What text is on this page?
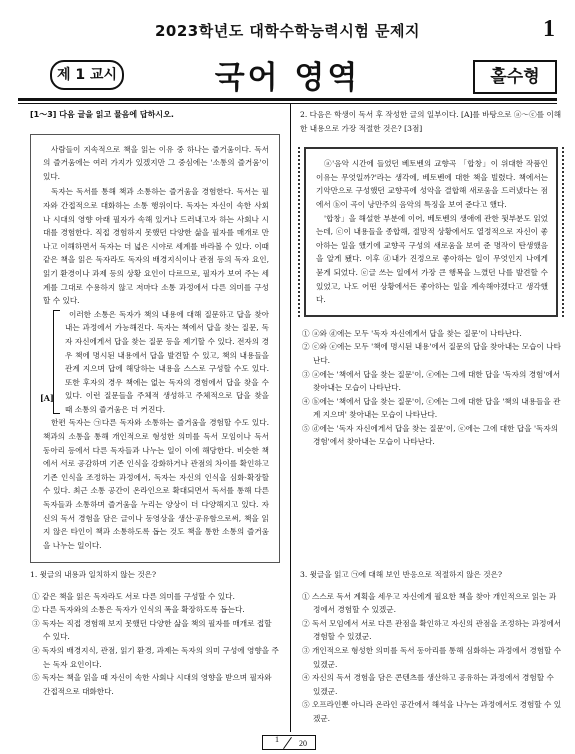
2023학년도 대학수학능력시험 문제지	1
제 1 교시	국어 영역	홀수형
[1～3] 다음 글을 읽고 물음에 답하시오.

사람들이 지속적으로 책을 읽는 이유 중 하나는 즐거움이다. 독서의 즐거움에는 여러 가지가 있겠지만 그 중심에는 '소통의 즐거움'이 있다.

독자는 독서를 통해 책과 소통하는 즐거움을 경험한다. 독서는 필자와 간접적으로 대화하는 소통 행위이다. 독자는 자신이 속한 사회나 시대의 영향 아래 필자가 속해 있거나 드러내고자 하는 사회나 시대를 경험한다. 직접 경험하지 못했던 다양한 삶을 필자를 매개로 만나고 이해하면서 독자는 더 넓은 시야로 세계를 바라볼 수 있다. 이때 같은 책을 읽은 독자라도 독자의 배경지식이나 관점 등의 독자 요인, 읽기 환경이나 과제 등의 상황 요인이 다르므로, 필자가 보여 주는 세계를 그대로 수용하지 않고 저마다 소통 과정에서 다른 의미를 구성할 수 있다.

[A]

이러한 소통은 독자가 책의 내용에 대해 질문하고 답을 찾아내는 과정에서 가능해진다. 독자는 책에서 답을 찾는 질문, 독자 자신에게서 답을 찾는 질문 등을 제기할 수 있다. 전자의 경우 책에 명시된 내용에서 답을 발견할 수 있고, 책의 내용들을 관계 지으며 답에 해당하는 내용을 스스로 구성할 수도 있다. 또한 후자의 경우 책에는 없는 독자의 경험에서 답을 찾을 수 있다. 이런 질문들을 주체적 생성하고 주체적으로 답을 찾을 때 소통의 즐거움은 더 커진다.

한편 독자는 ㉠다른 독자와 소통하는 즐거움을 경험할 수도 있다. 책과의 소통을 통해 개인적으로 형성한 의미를 독서 모임이나 독서 동아리 등에서 다른 독자들과 나누는 일이 이에 해당한다. 비슷한 책에서 서로 공감하며 기존 인식을 강화하거나 관점의 차이를 확인하고 기존 인식을 조정하는 과정에서, 독자는 자신의 인식을 심화·확장할 수 있다. 최근 소통 공간이 온라인으로 확대되면서 독서를 통해 다른 독자들과 소통하며 즐거움을 누리는 양상이 더 다양해지고 있다. 자신의 독서 경험을 담은 글이나 동영상을 생산·공유함으로써, 책을 읽지 않은 타인이 책과 소통하도록 돕는 것도 책을 통한 소통의 즐거움을 나누는 일이다.

1. 윗글의 내용과 일치하지 않는 것은?
① 같은 책을 읽은 독자라도 서로 다른 의미를 구성할 수 있다.
② 다른 독자와의 소통은 독자가 인식의 폭을 확장하도록 돕는다.
③ 독자는 직접 경험해 보지 못했던 다양한 삶을 책의 필자를 매개로 접할 수 있다.
④ 독자의 배경지식, 관점, 읽기 환경, 과제는 독자의 의미 구성에 영향을 주는 독자 요인이다.
⑤ 독자는 책을 읽을 때 자신이 속한 사회나 시대의 영향을 받으며 필자와 간접적으로 대화한다.
2. 다음은 학생이 독서 후 작성한 글의 일부이다. [A]를 바탕으로 ⓐ～ⓒ를 이해한 내용으로 가장 적절한 것은? [3점]

ⓐ'음악 시간에 들었던 베토벤의 교향곡 「합창」이 위대한 작품인 이유는 무엇일까?'라는 생각에, 베토벤에 대한 책을 빌렸다. 책에서는 기악만으로 구성했던 교향곡에 성악을 결합해 새로움을 드러냈다는 점에서 ⓑ이 곡이 낭만주의 음악의 특징을 보여 준다고 했다.

'합창」을 해설한 부분에 이어, 베토벤의 생애에 관한 뒷부분도 읽었는데, ⓒ이 내용들을 종합해, 절망적 상황에서도 열정적으로 자신이 좋아하는 일을 했기에 교향곡 구성의 새로움을 보여 준 명작이 탄생했음을 알게 됐다. 이후 ⓓ내가 진정으로 좋아하는 일이 무엇인지 나에게 묻게 되었다. ⓔ글 쓰는 일에서 가장 큰 행복을 느꼈던 나를 발견할 수 있었고, 나도 어떤 상황에서든 좋아하는 일을 계속해야겠다고 생각했다.

① ⓐ와 ⓓ에는 모두 '독자 자신에게서 답을 찾는 질문'이 나타난다.
② ⓒ와 ⓔ에는 모두 '책에 명시된 내용'에서 질문의 답을 찾아내는 모습이 나타난다.
③ ⓐ에는 '책에서 답을 찾는 질문'이, ⓔ에는 그에 대한 답을 '독자의 경험'에서 찾아내는 모습이 나타난다.
④ ⓑ에는 '책에서 답을 찾는 질문'이, ⓒ에는 그에 대한 답을 '책의 내용들을 관계 지으며' 찾아내는 모습이 나타난다.
⑤ ⓓ에는 '독자 자신에게서 답을 찾는 질문'이, ⓔ에는 그에 대한 답을 '독자의 경험'에서 찾아내는 모습이 나타난다.
3. 윗글을 읽고 ㉠에 대해 보인 반응으로 적절하지 않은 것은?
① 스스로 독서 계획을 세우고 자신에게 필요한 책을 찾아 개인적으로 읽는 과정에서 경험할 수 있겠군.
② 독서 모임에서 서로 다른 관점을 확인하고 자신의 관점을 조정하는 과정에서 경험할 수 있겠군.
③ 개인적으로 형성한 의미를 독서 동아리를 통해 심화하는 과정에서 경험할 수 있겠군.
④ 자신의 독서 경험을 담은 콘텐츠를 생산하고 공유하는 과정에서 경험할 수 있겠군.
⑤ 오프라인뿐 아니라 온라인 공간에서 해석을 나누는 과정에서도 경험할 수 있겠군.
1	20
